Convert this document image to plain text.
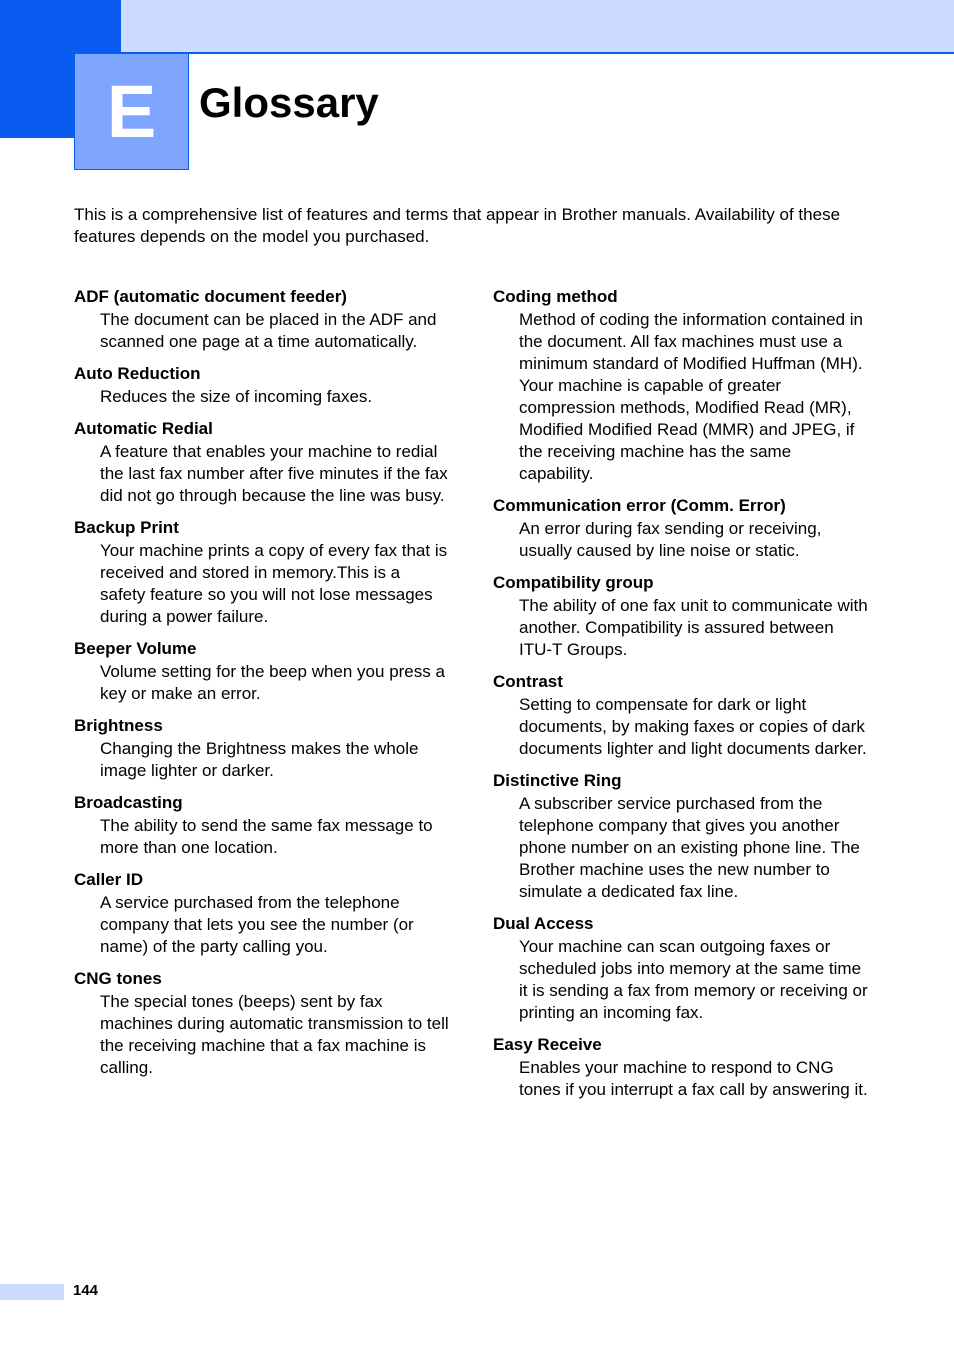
E	Glossary

This is a comprehensive list of features and terms that appear in Brother manuals. Availability of these features depends on the model you purchased.

ADF (automatic document feeder)

The document can be placed in the ADF and scanned one page at a time automatically.

Auto Reduction

Reduces the size of incoming faxes.

Automatic Redial

A feature that enables your machine to redial the last fax number after five minutes if the fax did not go through because the line was busy.

Backup Print

Your machine prints a copy of every fax that is received and stored in memory.This is a safety feature so you will not lose messages during a power failure.

Beeper Volume

Volume setting for the beep when you press a key or make an error.

Brightness

Changing the Brightness makes the whole image lighter or darker.

Broadcasting

The ability to send the same fax message to more than one location.

Caller ID

A service purchased from the telephone company that lets you see the number (or name) of the party calling you.

CNG tones

The special tones (beeps) sent by fax machines during automatic transmission to tell the receiving machine that a fax machine is calling.

Coding method

Method of coding the information contained in the document. All fax machines must use a minimum standard of Modified Huffman (MH). Your machine is capable of greater compression methods, Modified Read (MR), Modified Modified Read (MMR) and JPEG, if the receiving machine has the same capability.

Communication error (Comm. Error)

An error during fax sending or receiving, usually caused by line noise or static.

Compatibility group

The ability of one fax unit to communicate with another. Compatibility is assured between ITU-T Groups.

Contrast

Setting to compensate for dark or light documents, by making faxes or copies of dark documents lighter and light documents darker.

Distinctive Ring

A subscriber service purchased from the telephone company that gives you another phone number on an existing phone line. The Brother machine uses the new number to simulate a dedicated fax line.

Dual Access

Your machine can scan outgoing faxes or scheduled jobs into memory at the same time it is sending a fax from memory or receiving or printing an incoming fax.

Easy Receive

Enables your machine to respond to CNG tones if you interrupt a fax call by answering it.

144
